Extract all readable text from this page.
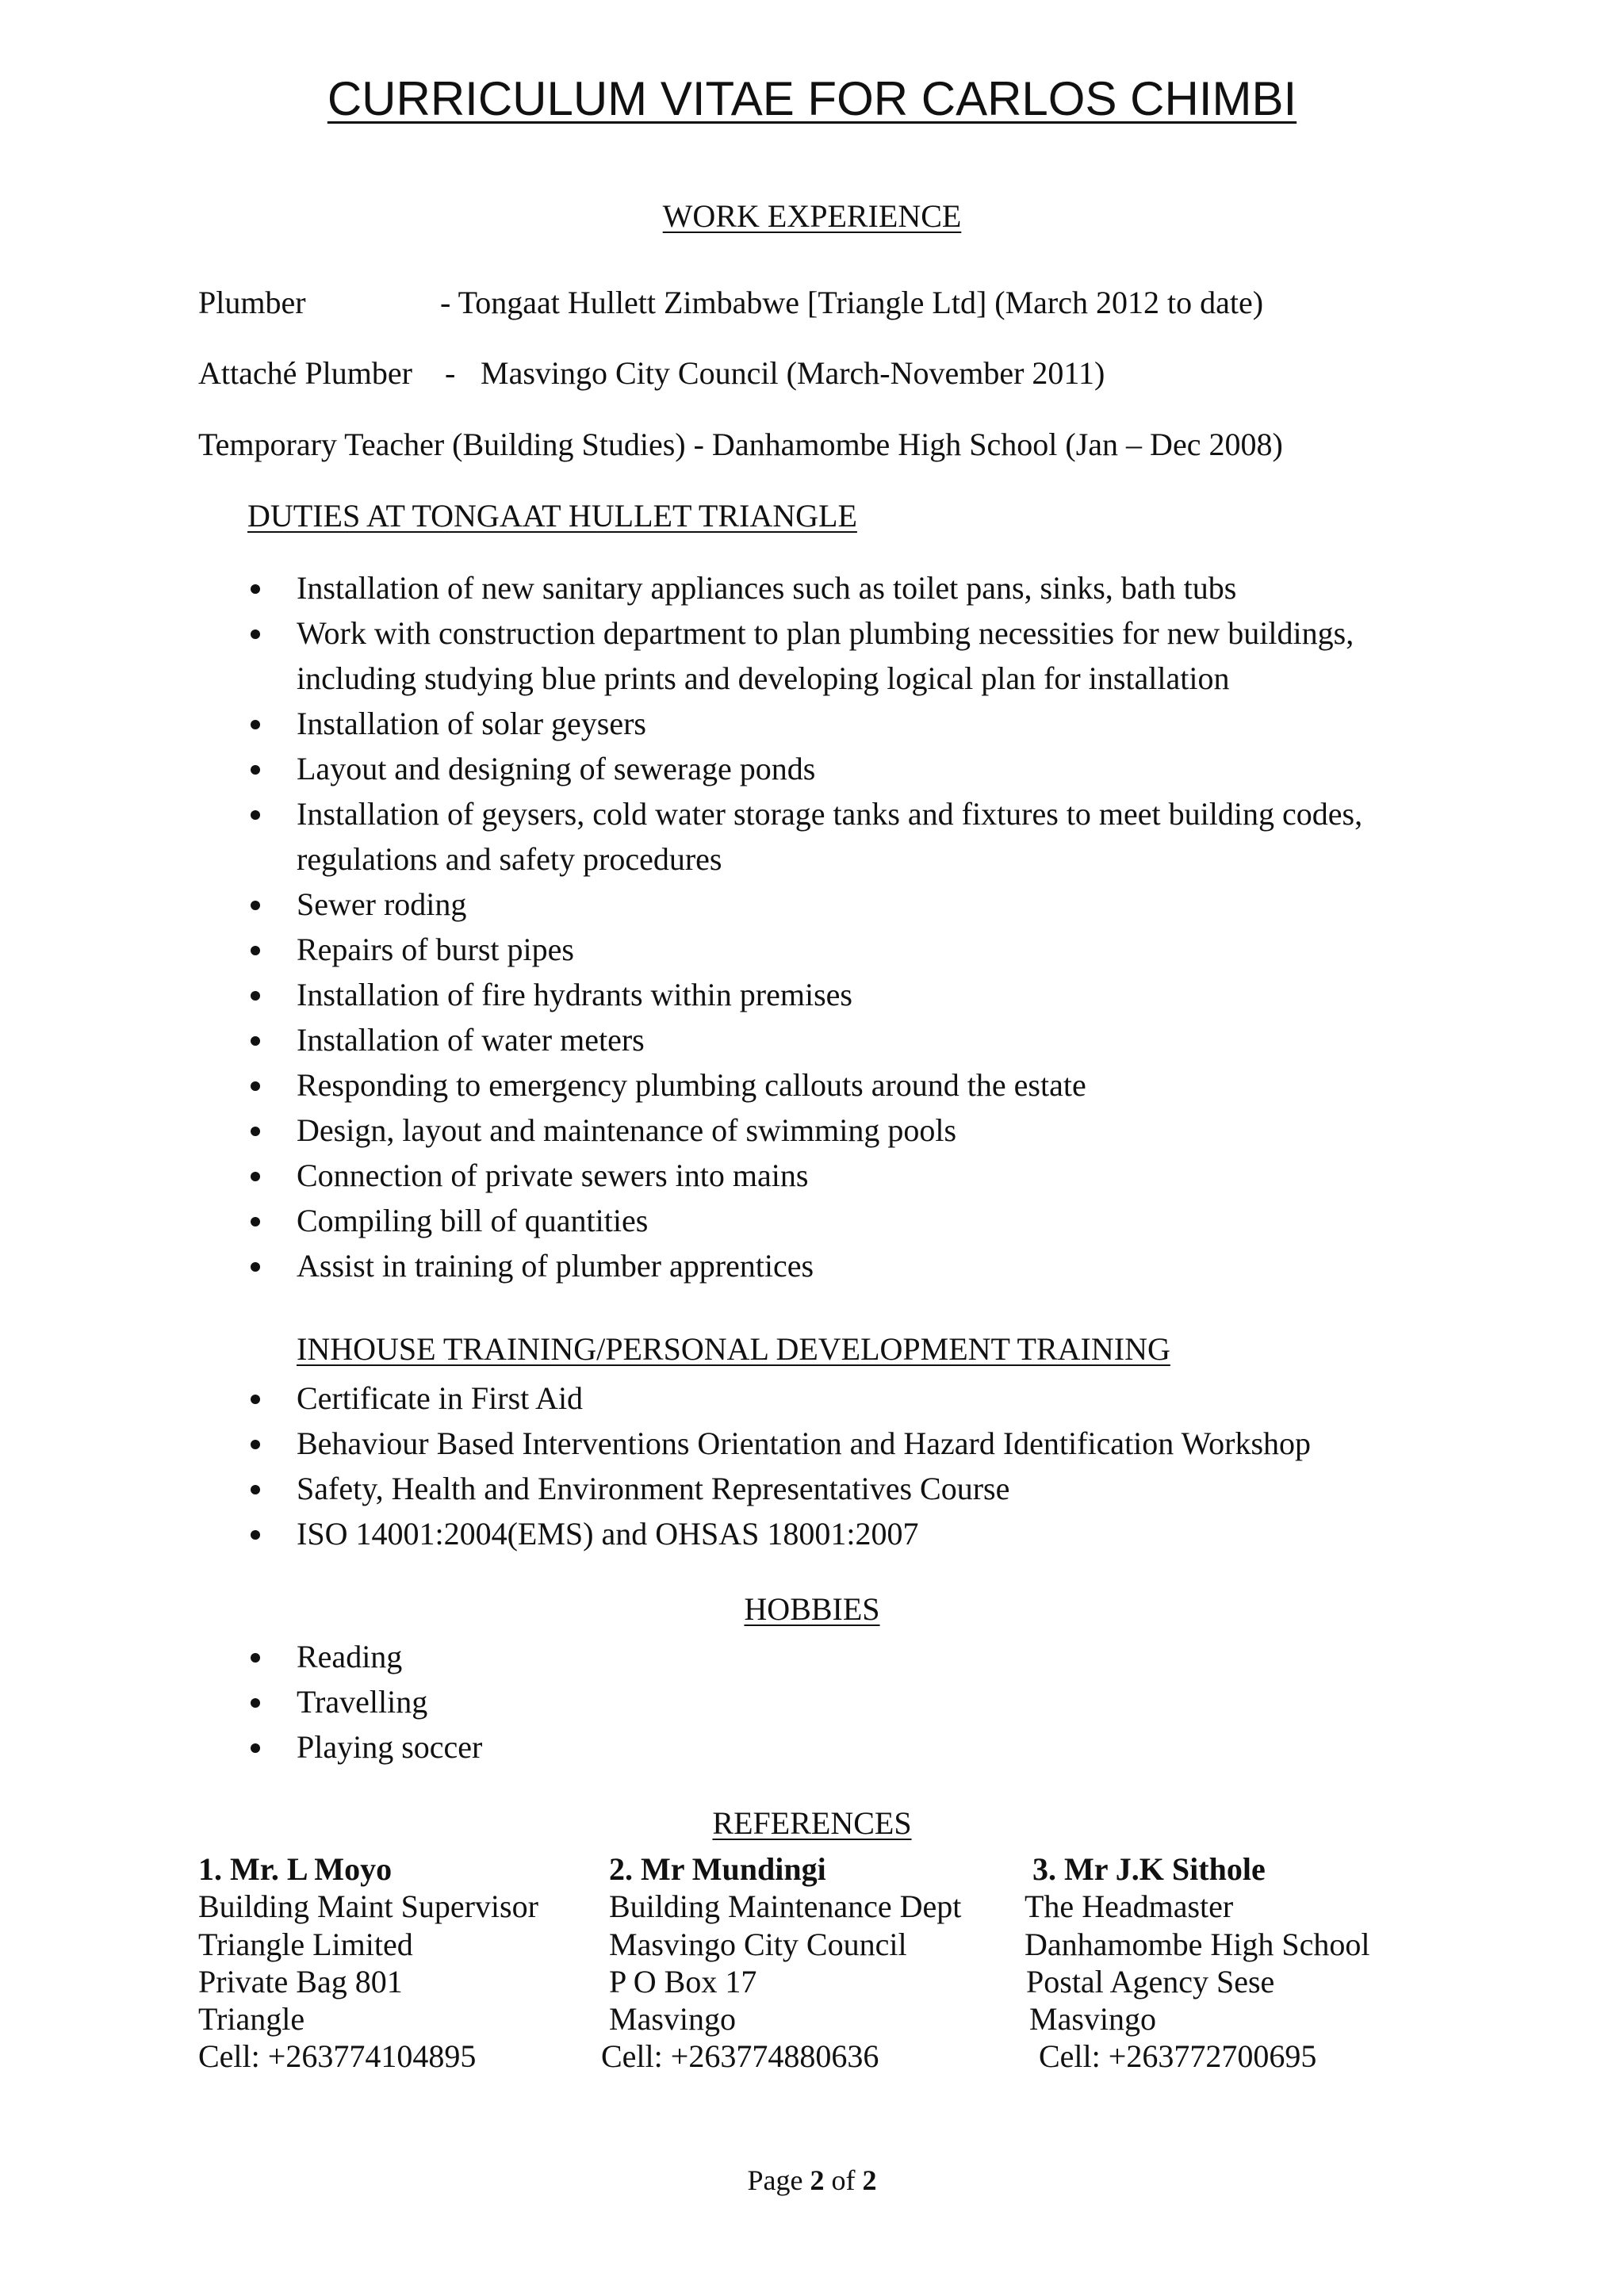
CURRICULUM VITAE FOR CARLOS CHIMBI
WORK EXPERIENCE
Plumber	- Tongaat Hullett Zimbabwe [Triangle Ltd] (March 2012 to date)
Attaché Plumber - Masvingo City Council (March-November 2011)
Temporary Teacher (Building Studies) - Danhamombe High School (Jan – Dec 2008)
DUTIES AT TONGAAT HULLET TRIANGLE
Installation of new sanitary appliances such as toilet pans, sinks, bath tubs
Work with construction department to plan plumbing necessities for new buildings,
including studying blue prints and developing logical plan for installation
Installation of solar geysers
Layout and designing of sewerage ponds
Installation of geysers, cold water storage tanks and fixtures to meet building codes,
regulations and safety procedures
Sewer roding
Repairs of burst pipes
Installation of fire hydrants within premises
Installation of water meters
Responding to emergency plumbing callouts around the estate
Design, layout and maintenance of swimming pools
Connection of private sewers into mains
Compiling bill of quantities
Assist in training of plumber apprentices
INHOUSE TRAINING/PERSONAL DEVELOPMENT TRAINING
Certificate in First Aid
Behaviour Based Interventions Orientation and Hazard Identification Workshop
Safety, Health and Environment Representatives Course
ISO 14001:2004(EMS) and OHSAS 18001:2007
HOBBIES
Reading
Travelling
Playing soccer
REFERENCES
1. Mr. L Moyo
Building Maint Supervisor
Triangle Limited
Private Bag 801
Triangle
Cell: +263774104895
2. Mr Mundingi
Building Maintenance Dept
Masvingo City Council
P O Box 17
Masvingo
Cell: +263774880636
3. Mr J.K Sithole
The Headmaster
Danhamombe High School
Postal Agency Sese
Masvingo
Cell: +263772700695
Page 2 of 2
